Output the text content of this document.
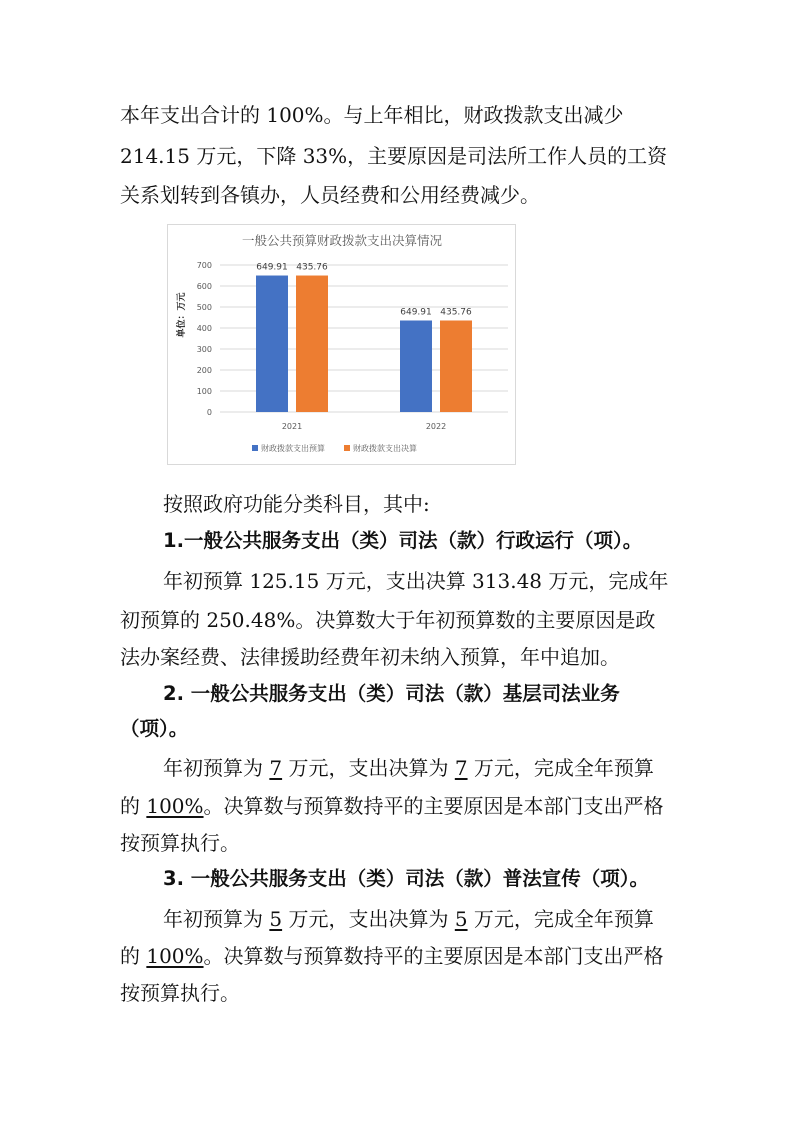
本年支出合计的 100%。与上年相比，财政拨款支出减少
214.15 万元，下降 33%，主要原因是司法所工作人员的工资
关系划转到各镇办，人员经费和公用经费减少。
一般公共预算财政拨款支出决算情况
单位：万元
0
100
200
300
400
500
600
700	649.91 435.76
649.91 435.76
2021	2022
财政拨款支出预算	财政拨款支出决算
按照政府功能分类科目，其中:
1.一般公共服务支出（类）司法（款）行政运行（项）。
年初预算 125.15 万元，支出决算 313.48 万元，完成年
初预算的 250.48%。决算数大于年初预算数的主要原因是政
法办案经费、法律援助经费年初未纳入预算，年中追加。
2. 一般公共服务支出（类）司法（款）基层司法业务
（项）。
年初预算为 7 万元，支出决算为 7 万元，完成全年预算
的 100%。决算数与预算数持平的主要原因是本部门支出严格
按预算执行。
3. 一般公共服务支出（类）司法（款）普法宣传（项）。
年初预算为 5 万元，支出决算为 5 万元，完成全年预算
的 100%。决算数与预算数持平的主要原因是本部门支出严格
按预算执行。
